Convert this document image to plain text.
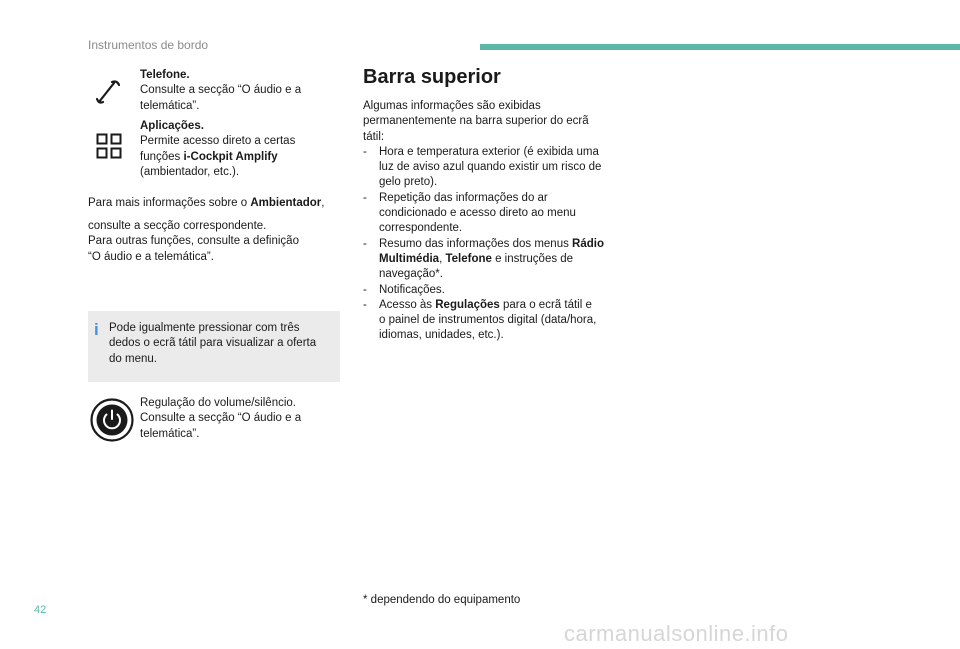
Instrumentos de bordo
Telefone.
Consulte a secção “O áudio e a
telemática”.
Aplicações.
Permite acesso direto a certas
funções i-Cockpit Amplify
(ambientador, etc.).
Para mais informações sobre o Ambientador,
consulte a secção correspondente.
Para outras funções, consulte a definição
“O áudio e a telemática”.
i Pode igualmente pressionar com três
dedos o ecrã tátil para visualizar a oferta
do menu.
Regulação do volume/silêncio.
Consulte a secção “O áudio e a
telemática”.
Barra superior
Algumas informações são exibidas
permanentemente na barra superior do ecrã
tátil:
- Hora e temperatura exterior (é exibida uma
luz de aviso azul quando existir um risco de
gelo preto).
- Repetição das informações do ar
condicionado e acesso direto ao menu
correspondente.
- Resumo das informações dos menus Rádio
Multimédia, Telefone e instruções de
navegação*.
- Notificações.
- Acesso às Regulações para o ecrã tátil e
o painel de instrumentos digital (data/hora,
idiomas, unidades, etc.).
* dependendo do equipamento
42
carmanualsonline.info
